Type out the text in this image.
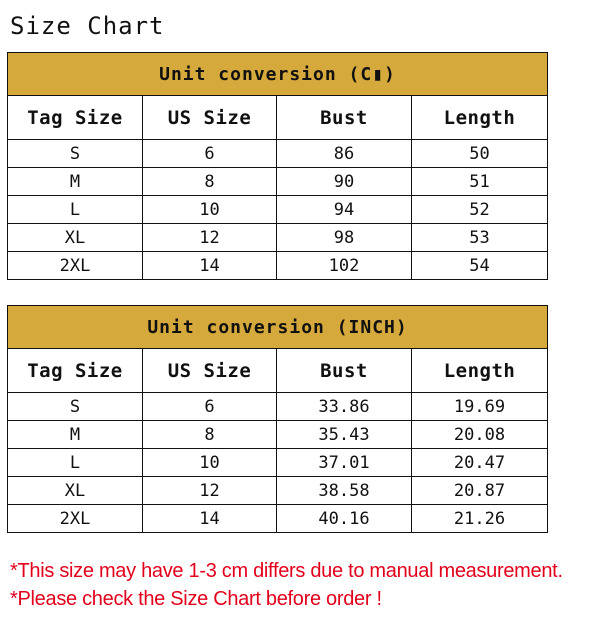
Size Chart
Unit conversion (C▮)			
Tag Size	US Size	Bust	Length
S	6	86	50
M	8	90	51
L	10	94	52
XL	12	98	53
2XL	14	102	54
Unit conversion (INCH)			
Tag Size	US Size	Bust	Length
S	6	33.86	19.69
M	8	35.43	20.08
L	10	37.01	20.47
XL	12	38.58	20.87
2XL	14	40.16	21.26
*This size may have 1-3 cm differs due to manual measurement.
*Please check the Size Chart before order !
